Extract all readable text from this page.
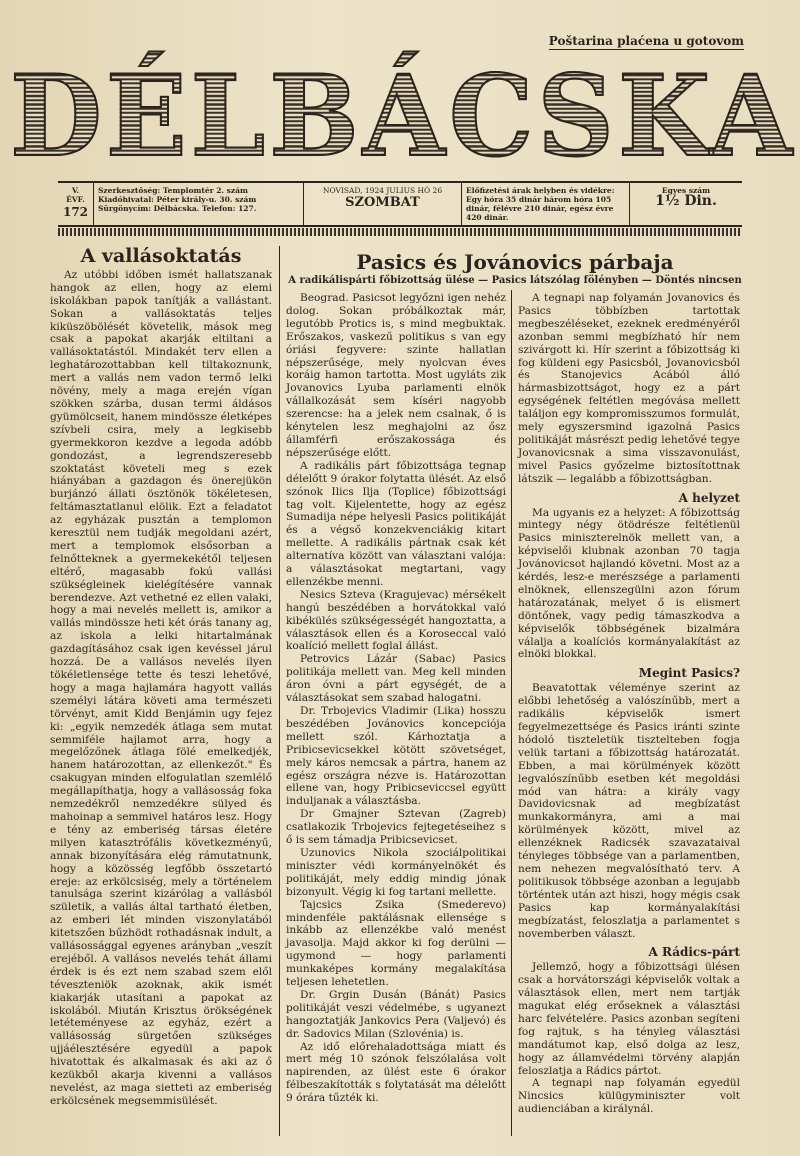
Poštarina plaćena u gotovom
DÉLBÁCSKA
V. ÉVF.
172
Szerkesztőség: Templomtér 2. szám Kiadóhivatal: Péter király-u. 30. szám Sürgönycím: Délbácska. Telefon: 127.
NOVISAD, 1924 JULIUS HÓ 26
SZOMBAT
Előfizetési árak helyben és vidékre: Egy hóra 35 dinár három hóra 105 dinár, félévre 210 dinár, egész évre 420 dinár.
Egyes szám
1½ Din.
A vallásoktatás

Az utóbbi időben ismét hallatszanak hangok az ellen, hogy az elemi iskolákban papok tanítják a vallástant. Sokan a vallásoktatás teljes kiküszöbölését követelik, mások meg csak a papokat akarják eltiltani a vallásoktatástól. Mindakét terv ellen a leghatározottabban kell tiltakoznunk, mert a vallás nem vadon termő lelki növény, mely a maga erején vígan szökken szárba, dusan termi áldásos gyümölcseit, hanem mindössze életképes szívbeli csira, mely a legkisebb gyermekkoron kezdve a legoda adóbb gondozást, a legrendszeresebb szoktatást követeli meg s ezek hiányában a gazdagon és önerejükön burjánzó állati ösztönök tökéletesen, feltámasztatlanul elölik. Ezt a feladatot az egyházak pusztán a templomon keresztül nem tudják megoldani azért, mert a templomok elsősorban a felnőtteknek a gyermekekétől teljesen eltérő, magasabb fokú vallási szükségleinek kielégítésére vannak berendezve. Azt vethetné ez ellen valaki, hogy a mai nevelés mellett is, amikor a vallás mindössze heti két órás tanany ag, az iskola a lelki hitartalmának gazdagításához csak igen kevéssel járul hozzá. De a vallásos nevelés ilyen tökéletlensége tette és teszi lehetővé, hogy a maga hajlamára hagyott vallás személyi látára követi ama természeti törvényt, amit Kidd Benjámin ugy fejez ki: „egyik nemzedék átlaga sem mutat semmiféle hajlamot arra, hogy a megelőzőnek átlaga fölé emelkedjék, hanem határozottan, az ellenkezőt." És csakugyan minden elfogulatlan szemlélő megállapíthatja, hogy a vallásosság foka nemzedékről nemzedékre sülyed és mahoinap a semmivel határos lesz. Hogy e tény az emberiség társas életére milyen katasztrófális következményű, annak bizonyítására elég rámutatnunk, hogy a közösség legfőbb összetartó ereje: az erkölcsiség, mely a történelem tanulsága szerint kizárólag a vallásból születik, a vallás által tartható életben, az emberi lét minden viszonylatából kitetszően bűzhödt rothadásnak indult, a vallásossággal egyenes arányban „veszít erejéből. A vallásos nevelés tehát állami érdek is és ezt nem szabad szem elől téveszteniök azoknak, akik ismét kiakarják utasítani a papokat az iskolából. Miután Krisztus örökségének letéteményese az egyház, ezért a vallásosság sürgetően szükséges ujjáélesztésére egyedül a papok hivatottak és alkalmasak és aki az ő kezükből akarja kivenni a vallásos nevelést, az maga sietteti az emberiség erkölcsének megsemmisülését.

Pasics és Jovánovics párbaja
A radikálispárti főbizottság ülése — Pasics látszólag fölényben — Döntés nincsen

Beograd. Pasicsot legyőzni igen nehéz dolog. Sokan próbálkoztak már, legutóbb Protics is, s mind megbuktak. Erőszakos, vaskezű politikus s van egy óriási fegyvere: szinte hallatlan népszerűsége, mely nyolcvan éves koráig hamon tartotta. Most ugyláts zik Jovanovics Lyuba parlamenti elnök vállalkozását sem kíséri nagyobb szerencse: ha a jelek nem csalnak, ő is kénytelen lesz meghajolni az ősz államférfi erőszakossága és népszerűsége előtt.

A radikális párt főbizottsága tegnap délelőtt 9 órakor folytatta ülését. Az első szónok Ilics Ilja (Toplice) főbizottsági tag volt. Kijelentette, hogy az egész Sumadija népe helyesli Pasics politikáját és a végső konzekvenciákig kitart mellette. A radikális pártnak csak két alternatíva között van választani valója: a választásokat megtartani, vagy ellenzékbe menni.

Nesics Szteva (Kragujevac) mérsékelt hangú beszédében a horvátokkal való kibékülés szükségességét hangoztatta, a választások ellen és a Koroseccal való koalíció mellett foglal állást.

Petrovics Lázár (Sabac) Pasics politikája mellett van. Meg kell minden áron óvni a párt egységét, de a választásokat sem szabad halogatni.

Dr. Trbojevics Vladimir (Lika) hosszu beszédében Jovánovics koncepciója mellett szól. Kárhoztatja a Pribicsevicsekkel kötött szövetséget, mely káros nemcsak a pártra, hanem az egész országra nézve is. Határozottan ellene van, hogy Pribicseviccsel együtt induljanak a választásba.

Dr Gmajner Sztevan (Zagreb) csatlakozik Trbojevics fejtegetéseihez s ő is sem támadja Pribicsevicset.

Uzunovics Nikola szociálpolitikai miniszter védi kormányelnökét és politikáját, mely eddig mindig jónak bizonyult. Végig ki fog tartani mellette.

Tajcsics Zsika (Smederevo) mindenféle paktálásnak ellensége s inkább az ellenzékbe való menést javasolja. Majd akkor ki fog derülni — ugymond — hogy parlamenti munkaképes kormány megalakítása teljesen lehetetlen.

Dr. Grgin Dusán (Bánát) Pasics politikáját veszi védelmébe, s ugyanezt hangoztatják Jankovics Pera (Valjevó) és dr. Sadovics Milan (Szlovénia) is.

Az idő előrehaladottsága miatt és mert még 10 szónok felszólalása volt napirenden, az ülést este 6 órakor félbeszakították s folytatását ma délelőtt 9 órára tűzték ki.

A tegnapi nap folyamán Jovanovics és Pasics többízben tartottak megbeszéléseket, ezeknek eredményéről azonban semmi megbízható hír nem szivárgott ki. Hír szerint a főbizottság ki fog küldeni egy Pasicsból, Jovanovicsból és Stanojevics Acából álló hármasbizottságot, hogy ez a párt egységének feltétlen megóvása mellett találjon egy kompromisszumos formulát, mely egyszersmind igazolná Pasics politikáját másrészt pedig lehetővé tegye Jovanovicsnak a sima visszavonulást, mivel Pasics győzelme biztosítottnak látszik — legalább a főbizottságban.

A helyzet

Ma ugyanis ez a helyzet: A főbizottság mintegy négy ötödrésze feltétlenül Pasics miniszterelnök mellett van, a képviselői klubnak azonban 70 tagja Jovánovicsot hajlandó követni. Most az a kérdés, lesz-e merészsége a parlamenti elnöknek, ellenszegülni azon fórum határozatának, melyet ő is elismert döntőnek, vagy pedig támaszkodva a képviselők többségének bizalmára válalja a koalíciós kormányalakítást az elnöki blokkal.

Megint Pasics?

Beavatottak véleménye szerint az előbbi lehetőség a valószínűbb, mert a radikális képviselők ismert fegyelmezettsége és Pasics iránti szinte hódoló tiszteletük tisztelteben fogja velük tartani a főbizottság határozatát. Ebben, a mai körülmények között legvalószínűbb esetben két megoldási mód van hátra: a király vagy Davidovicsnak ad megbízatást munkakormányra, ami a mai körülmények között, mivel az ellenzéknek Radicsék szavazataival tényleges többsége van a parlamentben, nem nehezen megvalósítható terv. A politikusok többsége azonban a legujabb történtek után azt hiszi, hogy mégis csak Pasics kap kormányalakítási megbízatást, feloszlatja a parlamentet s novemberben választ.

A Rádics-párt

Jellemző, hogy a főbizottsági ülésen csak a horvátországi képviselők voltak a választások ellen, mert nem tartják magukat elég erőseknek a választási harc felvételére. Pasics azonban segíteni fog rajtuk, s ha tényleg választási mandátumot kap, első dolga az lesz, hogy az államvédelmi törvény alapján feloszlatja a Rádics pártot.

A tegnapi nap folyamán egyedül Nincsics külügyminiszter volt audienciában a királynál.
